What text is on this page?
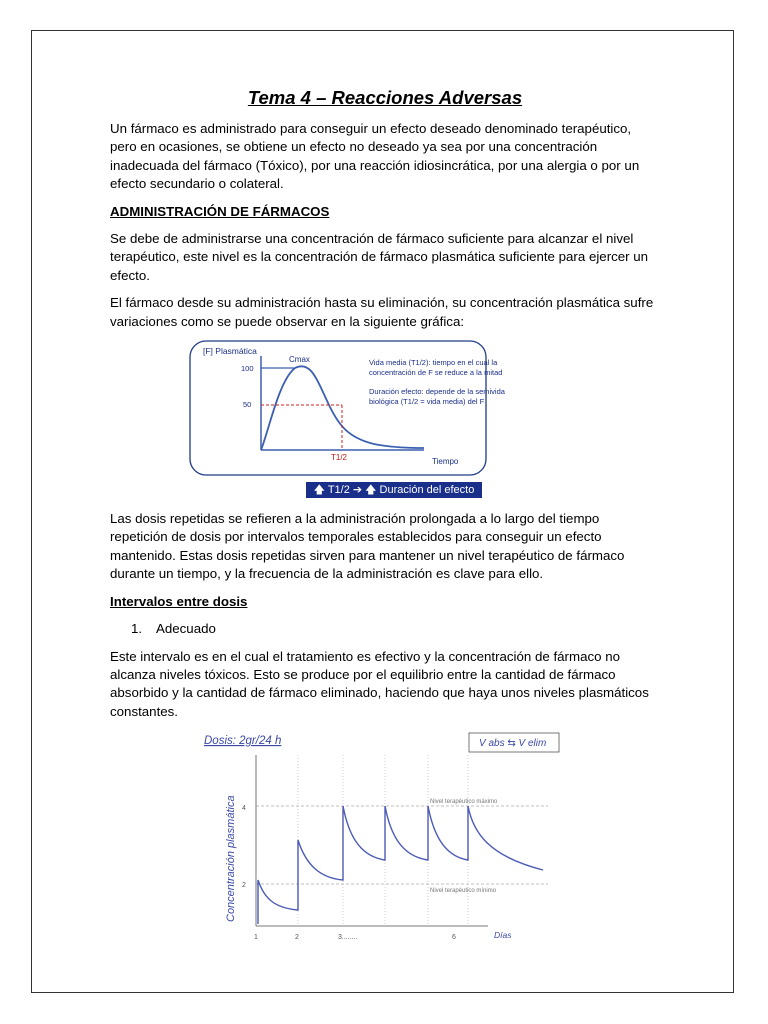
Tema 4 – Reacciones Adversas

Un fármaco es administrado para conseguir un efecto deseado denominado terapéutico, pero en ocasiones, se obtiene un efecto no deseado ya sea por una concentración inadecuada del fármaco (Tóxico), por una reacción idiosincrática, por una alergia o por un efecto secundario o colateral.

ADMINISTRACIÓN DE FÁRMACOS

Se debe de administrarse una concentración de fármaco suficiente para alcanzar el nivel terapéutico, este nivel es la concentración de fármaco plasmática suficiente para ejercer un efecto.

El fármaco desde su administración hasta su eliminación, su concentración plasmática sufre variaciones como se puede observar en la siguiente gráfica:

[F] Plasmática
100
50
Cmax
T1/2	Tiempo
Vida media (T1/2): tiempo en el cual la
concentración de F se reduce a la mitad
Duración efecto: depende de la semivida
biológica (T1/2 = vida media) del F
🡅 T1/2 ➔ 🡅 Duración del efecto

Las dosis repetidas se refieren a la administración prolongada a lo largo del tiempo repetición de dosis por intervalos temporales establecidos para conseguir un efecto mantenido. Estas dosis repetidas sirven para mantener un nivel terapéutico de fármaco durante un tiempo, y la frecuencia de la administración es clave para ello.

Intervalos entre dosis
1. Adecuado

Este intervalo es en el cual el tratamiento es efectivo y la concentración de fármaco no alcanza niveles tóxicos. Esto se produce por el equilibrio entre la cantidad de fármaco absorbido y la cantidad de fármaco eliminado, haciendo que haya unos niveles plasmáticos constantes.

Dosis: 2gr/24 h	V abs ⇆ V elim
Nivel terapéutico máximo
Nivel terapéutico mínimo
4
2
Concentración plasmática
1	2	3........	6	Días
